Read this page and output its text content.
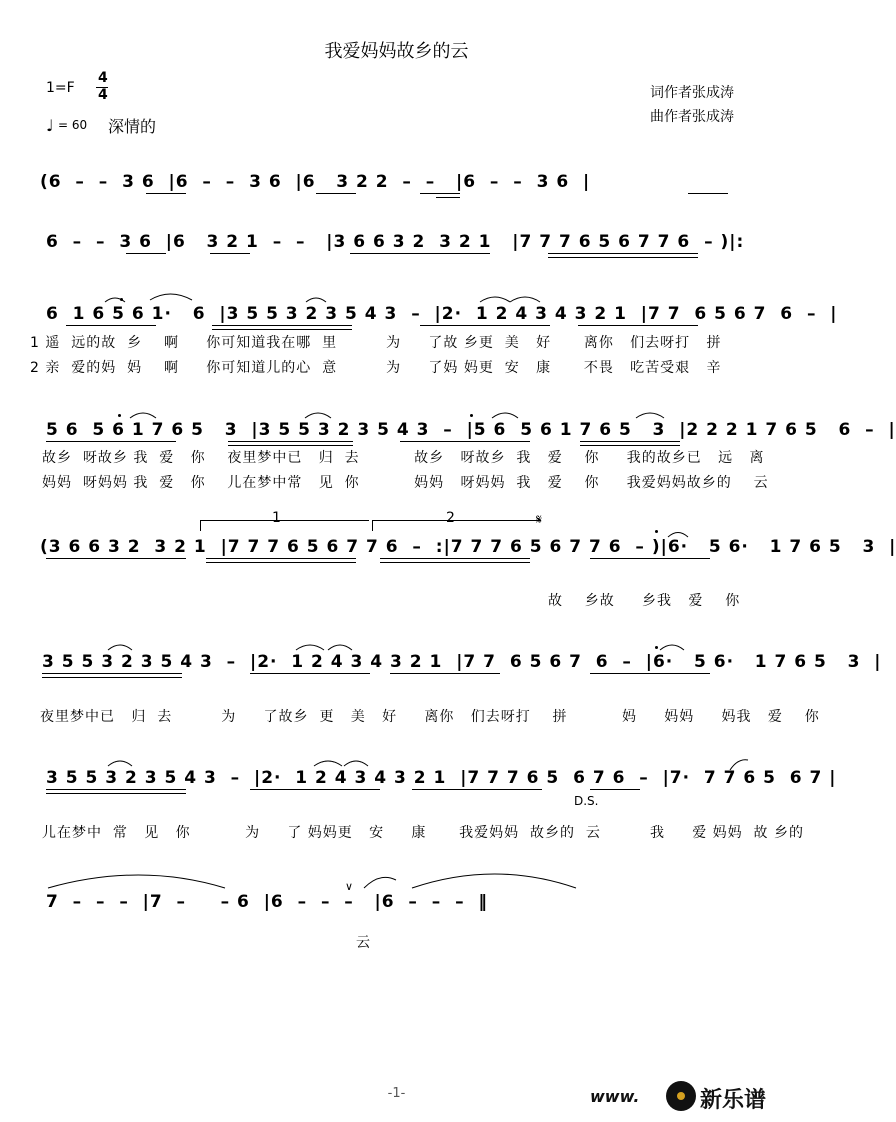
我爱妈妈故乡的云
1=F
4
4
♩ = 60 深情的
词作者张成涛
曲作者张成涛
(6  –  –  3 6  |6  –  –  3 6  |6   3 2 2  –  –   |6  –  –  3 6  |
6  –  –  3 6  |6   3 2 1  –  –   |3 6 6 3 2  3 2 1   |7 7 7 6 5 6 7 7 6  – )|:
6  1 6 5 6 1·   6  |3 5 5 3 2 3 5 4 3  –  |2·  1 2 4 3 4 3 2 1  |7 7  6 5 6 7  6  –  |
1 遥  远的故  乡    啊     你可知道我在哪  里         为     了故 乡更  美   好      离你   们去呀打   拼
2 亲  爱的妈  妈    啊     你可知道儿的心  意         为     了妈 妈更  安   康      不畏   吃苦受艰   辛
5 6  5 6 1 7 6 5   3  |3 5 5 3 2 3 5 4 3  –  |5 6  5 6 1 7 6 5   3  |2 2 2 1 7 6 5   6  –  |
故乡  呀故乡 我  爱   你    夜里梦中已   归  去          故乡   呀故乡  我   爱    你     我的故乡已   远   离
妈妈  呀妈妈 我  爱   你    儿在梦中常   见  你          妈妈   呀妈妈  我   爱    你     我爱妈妈故乡的    云
1	2	𝄋
(3 6 6 3 2  3 2 1  |7 7 7 6 5 6 7 7 6  –  :|7 7 7 6 5 6 7 7 6  – )|6·   5 6·   1 7 6 5   3  |
故    乡故     乡我   爱    你
3 5 5 3 2 3 5 4 3  –  |2·  1 2 4 3 4 3 2 1  |7 7  6 5 6 7  6  –  |6·   5 6·   1 7 6 5   3  |
夜里梦中已   归  去         为     了故乡  更   美   好     离你   们去呀打    拼          妈     妈妈     妈我   爱    你
3 5 5 3 2 3 5 4 3  –  |2·  1 2 4 3 4 3 2 1  |7 7 7 6 5  6 7 6  –  |7·  7 7 6 5  6 7 |
D.S.
儿在梦中  常   见   你          为     了 妈妈更   安     康      我爱妈妈  故乡的  云         我     爱 妈妈  故 乡的
7  –  –  –  |7  –     – 6  |6  –  –  –   |6  –  –  –  ‖
∨
云
-1-	www.	新乐谱
